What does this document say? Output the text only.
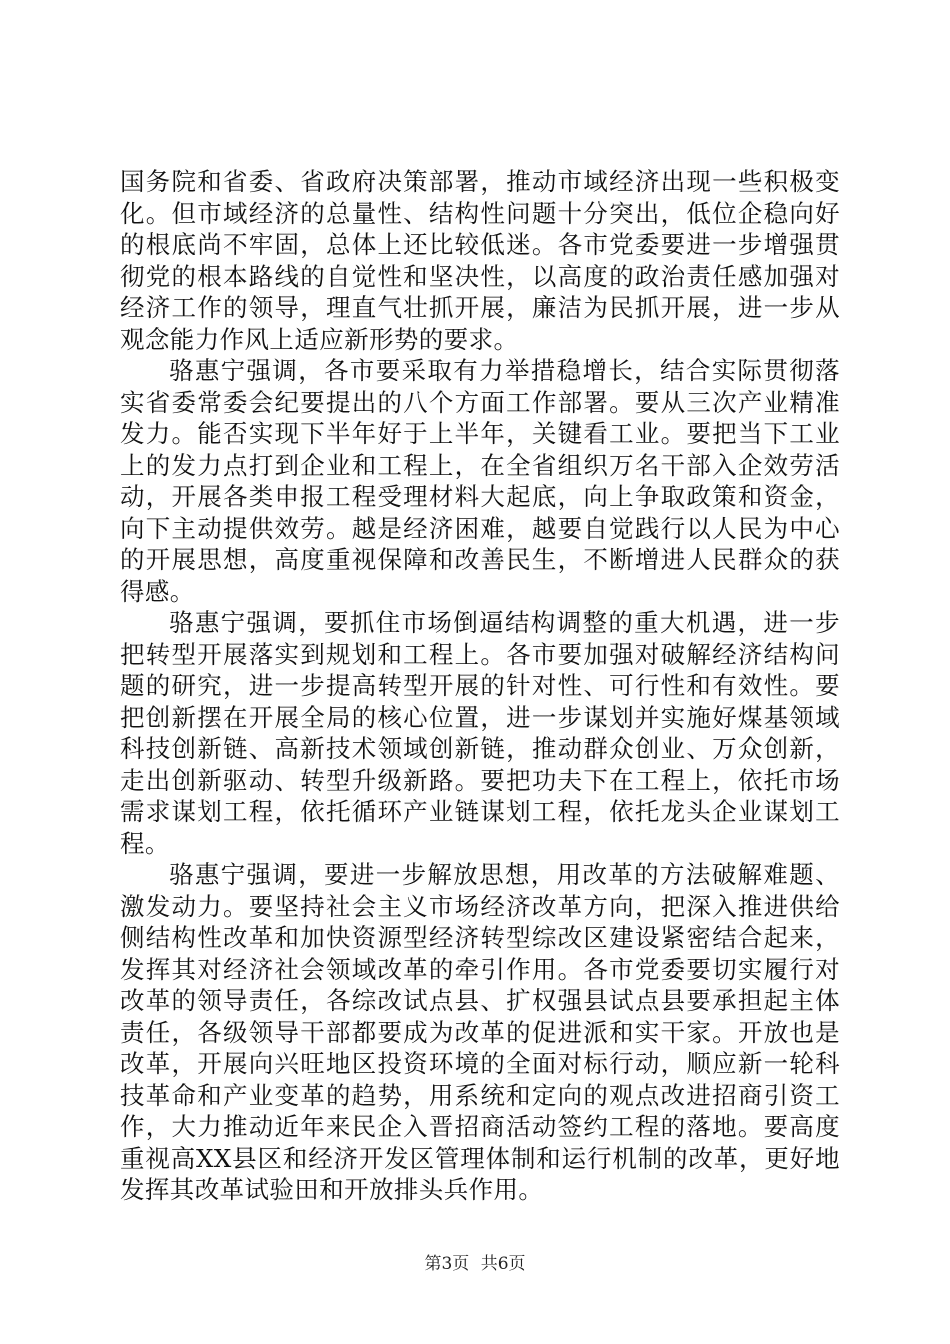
国务院和省委、省政府决策部署，推动市域经济出现一些积极变化。但市域经济的总量性、结构性问题十分突出，低位企稳向好的根底尚不牢固，总体上还比较低迷。各市党委要进一步增强贯彻党的根本路线的自觉性和坚决性，以高度的政治责任感加强对经济工作的领导，理直气壮抓开展，廉洁为民抓开展，进一步从观念能力作风上适应新形势的要求。

骆惠宁强调，各市要采取有力举措稳增长，结合实际贯彻落实省委常委会纪要提出的八个方面工作部署。要从三次产业精准发力。能否实现下半年好于上半年，关键看工业。要把当下工业上的发力点打到企业和工程上，在全省组织万名干部入企效劳活动，开展各类申报工程受理材料大起底，向上争取政策和资金，向下主动提供效劳。越是经济困难，越要自觉践行以人民为中心的开展思想，高度重视保障和改善民生，不断增进人民群众的获得感。

骆惠宁强调，要抓住市场倒逼结构调整的重大机遇，进一步把转型开展落实到规划和工程上。各市要加强对破解经济结构问题的研究，进一步提高转型开展的针对性、可行性和有效性。要把创新摆在开展全局的核心位置，进一步谋划并实施好煤基领域科技创新链、高新技术领域创新链，推动群众创业、万众创新，走出创新驱动、转型升级新路。要把功夫下在工程上，依托市场需求谋划工程，依托循环产业链谋划工程，依托龙头企业谋划工程。

骆惠宁强调，要进一步解放思想，用改革的方法破解难题、激发动力。要坚持社会主义市场经济改革方向，把深入推进供给侧结构性改革和加快资源型经济转型综改区建设紧密结合起来，发挥其对经济社会领域改革的牵引作用。各市党委要切实履行对改革的领导责任，各综改试点县、扩权强县试点县要承担起主体责任，各级领导干部都要成为改革的促进派和实干家。开放也是改革，开展向兴旺地区投资环境的全面对标行动，顺应新一轮科技革命和产业变革的趋势，用系统和定向的观点改进招商引资工作，大力推动近年来民企入晋招商活动签约工程的落地。要高度重视高XX县区和经济开发区管理体制和运行机制的改革，更好地发挥其改革试验田和开放排头兵作用。

第3页 共6页
